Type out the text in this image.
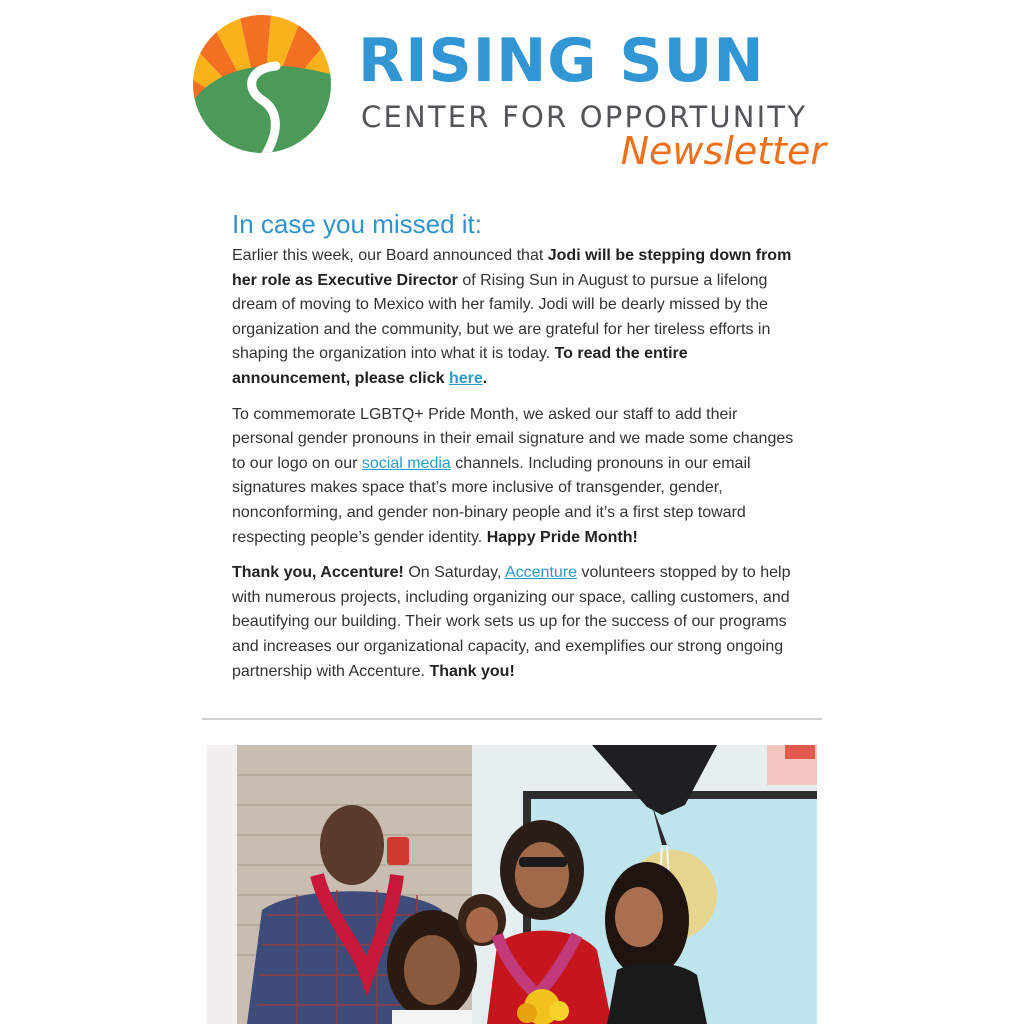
RISING SUN
CENTER FOR OPPORTUNITY
Newsletter
In case you missed it:

Earlier this week, our Board announced that Jodi will be stepping down from her role as Executive Director of Rising Sun in August to pursue a lifelong dream of moving to Mexico with her family. Jodi will be dearly missed by the organization and the community, but we are grateful for her tireless efforts in shaping the organization into what it is today. To read the entire announcement, please click here.

To commemorate LGBTQ+ Pride Month, we asked our staff to add their personal gender pronouns in their email signature and we made some changes to our logo on our social media channels. Including pronouns in our email signatures makes space that’s more inclusive of transgender, gender, nonconforming, and gender non-binary people and it’s a first step toward respecting people’s gender identity. Happy Pride Month!

Thank you, Accenture! On Saturday, Accenture volunteers stopped by to help with numerous projects, including organizing our space, calling customers, and beautifying our building. Their work sets us up for the success of our programs and increases our organizational capacity, and exemplifies our strong ongoing partnership with Accenture. Thank you!
